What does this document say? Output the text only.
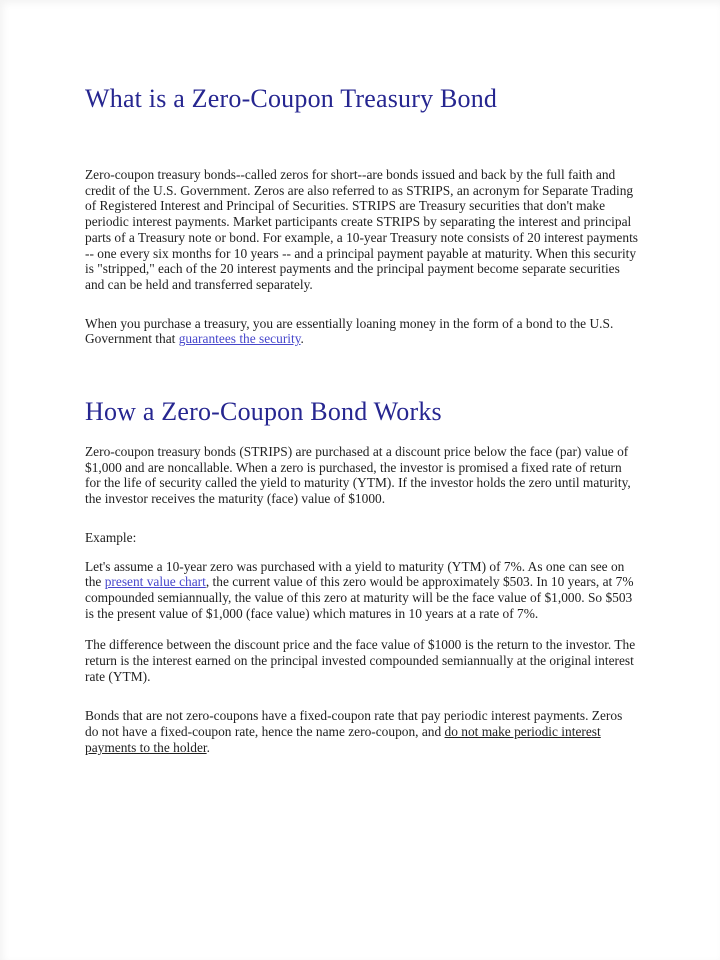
What is a Zero-Coupon Treasury Bond

Zero-coupon treasury bonds--called zeros for short--are bonds issued and back by the full faith and credit of the U.S. Government. Zeros are also referred to as STRIPS, an acronym for Separate Trading of Registered Interest and Principal of Securities. STRIPS are Treasury securities that don't make periodic interest payments. Market participants create STRIPS by separating the interest and principal parts of a Treasury note or bond. For example, a 10-year Treasury note consists of 20 interest payments -- one every six months for 10 years -- and a principal payment payable at maturity. When this security is "stripped," each of the 20 interest payments and the principal payment become separate securities and can be held and transferred separately.

When you purchase a treasury, you are essentially loaning money in the form of a bond to the U.S. Government that guarantees the security.

How a Zero-Coupon Bond Works

Zero-coupon treasury bonds (STRIPS) are purchased at a discount price below the face (par) value of $1,000 and are noncallable. When a zero is purchased, the investor is promised a fixed rate of return for the life of security called the yield to maturity (YTM). If the investor holds the zero until maturity, the investor receives the maturity (face) value of $1000.

Example:

Let's assume a 10-year zero was purchased with a yield to maturity (YTM) of 7%. As one can see on the present value chart, the current value of this zero would be approximately $503. In 10 years, at 7% compounded semiannually, the value of this zero at maturity will be the face value of $1,000. So $503 is the present value of $1,000 (face value) which matures in 10 years at a rate of 7%.

The difference between the discount price and the face value of $1000 is the return to the investor. The return is the interest earned on the principal invested compounded semiannually at the original interest rate (YTM).

Bonds that are not zero-coupons have a fixed-coupon rate that pay periodic interest payments. Zeros do not have a fixed-coupon rate, hence the name zero-coupon, and do not make periodic interest payments to the holder.
